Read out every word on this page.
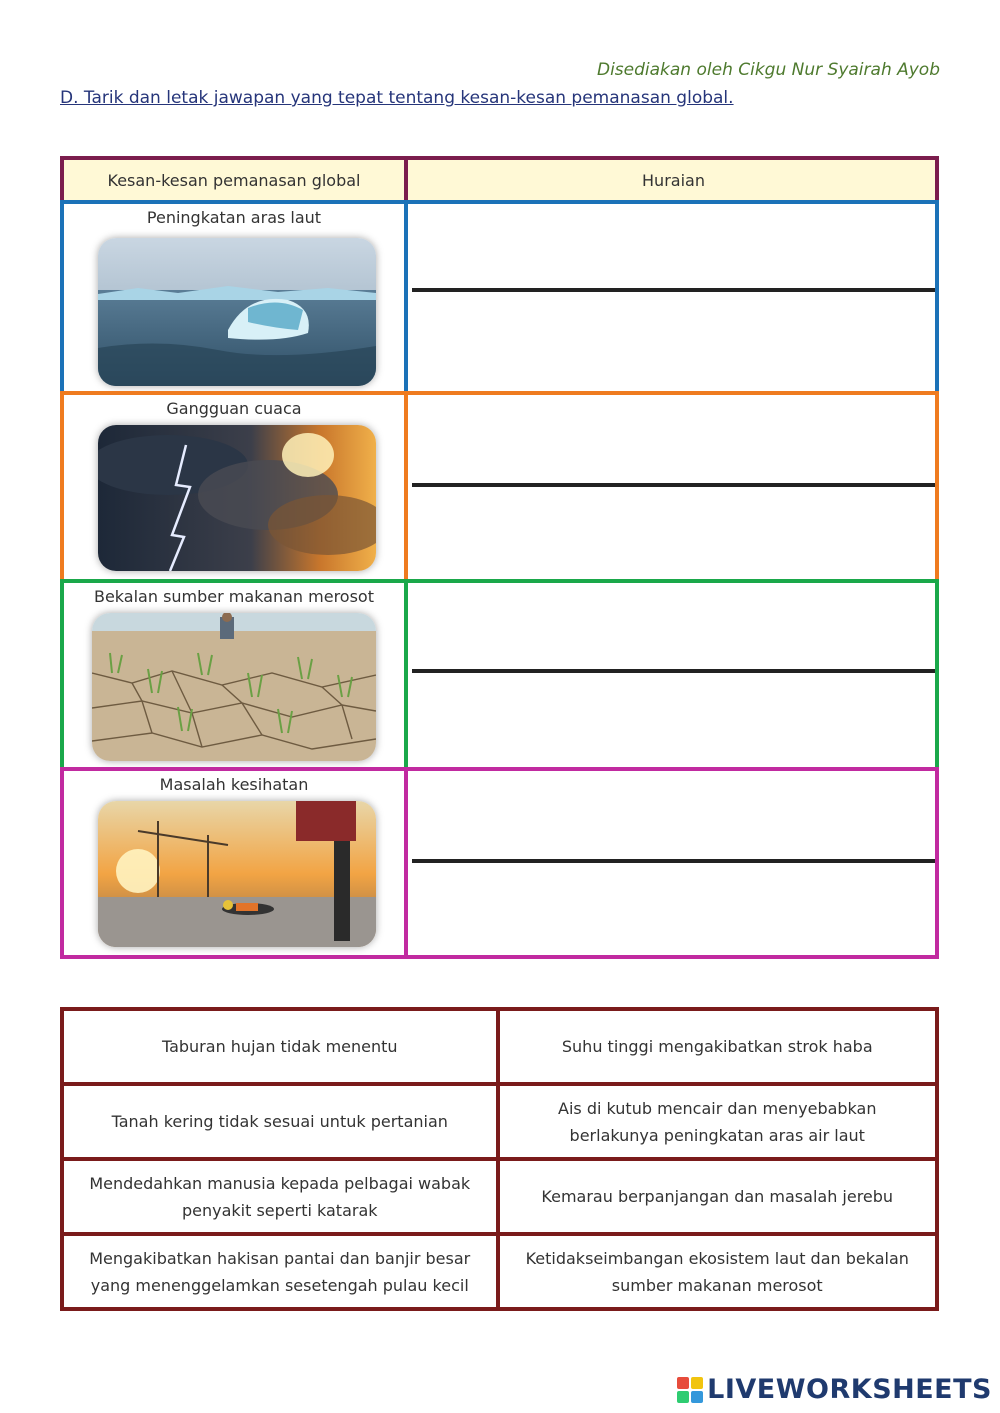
Disediakan oleh Cikgu Nur Syairah Ayob
D. Tarik dan letak jawapan yang tepat tentang kesan-kesan pemanasan global.
Kesan-kesan pemanasan global	Huraian
Peningkatan aras laut
Gangguan cuaca
Bekalan sumber makanan merosot
Masalah kesihatan
Taburan hujan tidak menentu	Suhu tinggi mengakibatkan strok haba
Tanah kering tidak sesuai untuk pertanian
Ais di kutub mencair dan menyebabkan berlakunya peningkatan aras air laut
Mendedahkan manusia kepada pelbagai wabak penyakit seperti katarak
Kemarau berpanjangan dan masalah jerebu
Mengakibatkan hakisan pantai dan banjir besar yang menenggelamkan sesetengah pulau kecil
Ketidakseimbangan ekosistem laut dan bekalan sumber makanan merosot
LIVEWORKSHEETS
